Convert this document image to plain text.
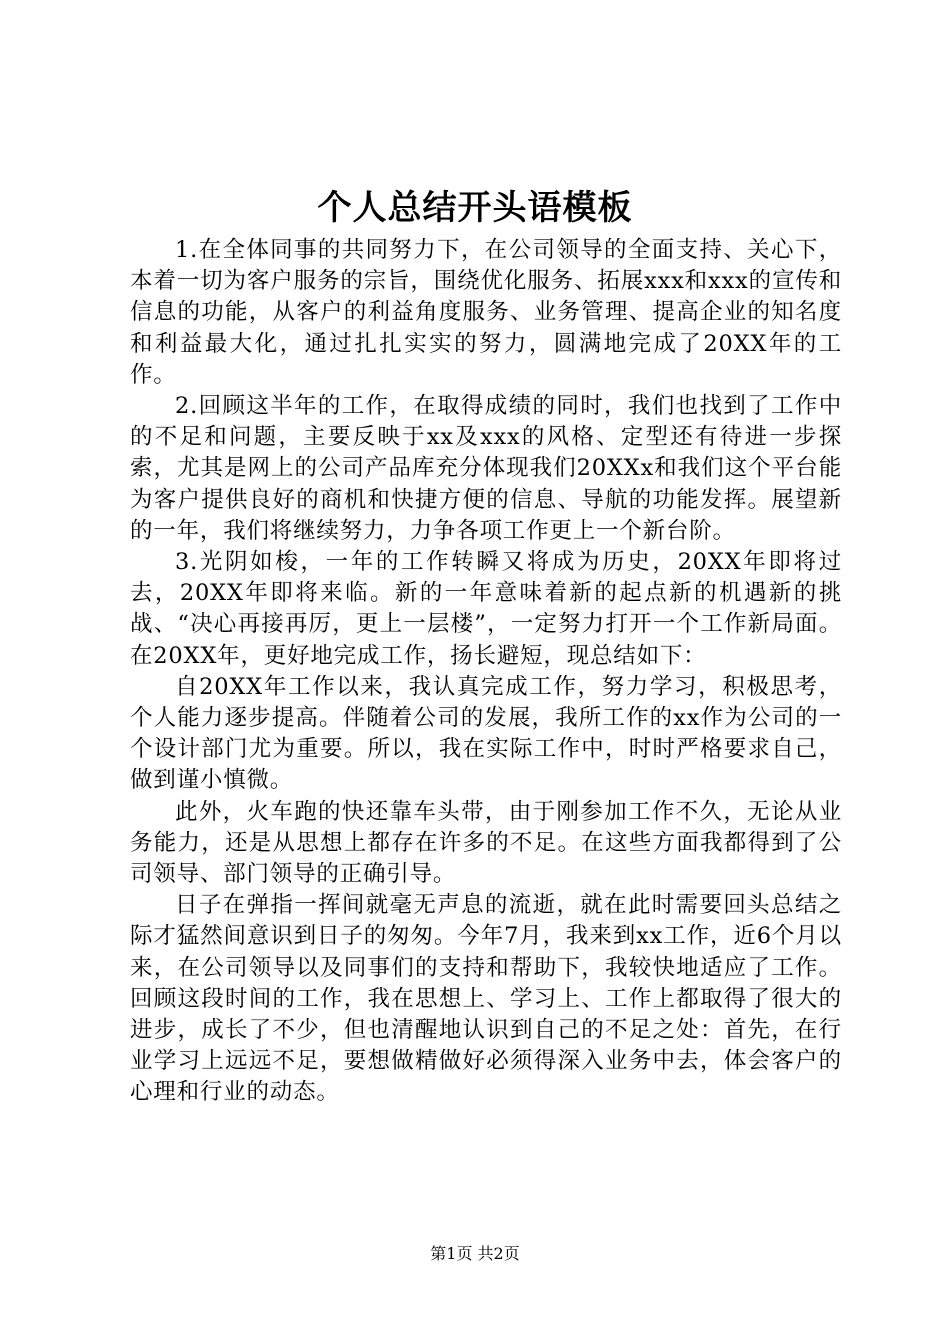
个人总结开头语模板

1.在全体同事的共同努力下，在公司领导的全面支持、关心下，本着一切为客户服务的宗旨，围绕优化服务、拓展xxx和xxx的宣传和信息的功能，从客户的利益角度服务、业务管理、提高企业的知名度和利益最大化，通过扎扎实实的努力，圆满地完成了20XX年的工作。

2.回顾这半年的工作，在取得成绩的同时，我们也找到了工作中的不足和问题，主要反映于xx及xxx的风格、定型还有待进一步探索，尤其是网上的公司产品库充分体现我们20XXx和我们这个平台能为客户提供良好的商机和快捷方便的信息、导航的功能发挥。展望新的一年，我们将继续努力，力争各项工作更上一个新台阶。

3.光阴如梭，一年的工作转瞬又将成为历史，20XX年即将过去，20XX年即将来临。新的一年意味着新的起点新的机遇新的挑战、“决心再接再厉，更上一层楼”，一定努力打开一个工作新局面。在20XX年，更好地完成工作，扬长避短，现总结如下：

自20XX年工作以来，我认真完成工作，努力学习，积极思考，个人能力逐步提高。伴随着公司的发展，我所工作的xx作为公司的一个设计部门尤为重要。所以，我在实际工作中，时时严格要求自己，做到谨小慎微。

此外，火车跑的快还靠车头带，由于刚参加工作不久，无论从业务能力，还是从思想上都存在许多的不足。在这些方面我都得到了公司领导、部门领导的正确引导。

日子在弹指一挥间就毫无声息的流逝，就在此时需要回头总结之际才猛然间意识到日子的匆匆。今年7月，我来到xx工作，近6个月以来，在公司领导以及同事们的支持和帮助下，我较快地适应了工作。回顾这段时间的工作，我在思想上、学习上、工作上都取得了很大的进步，成长了不少，但也清醒地认识到自己的不足之处：首先，在行业学习上远远不足，要想做精做好必须得深入业务中去，体会客户的心理和行业的动态。

第1页 共2页
